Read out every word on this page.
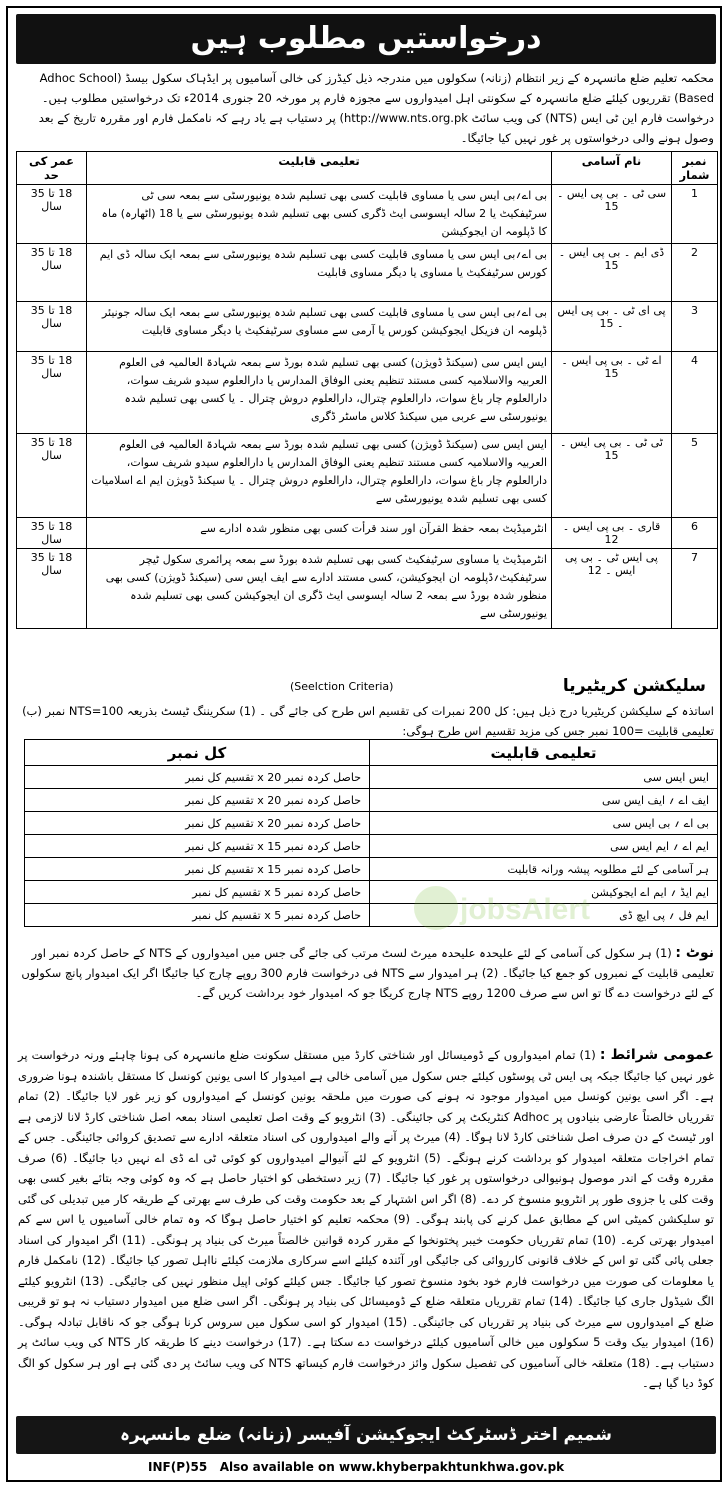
درخواستیں مطلوب ہیں
محکمہ تعلیم ضلع مانسہرہ کے زیر انتظام (زنانہ) سکولوں میں مندرجہ ذیل کیڈرز کی خالی آسامیوں پر ایڈہاک سکول بیسڈ (Adhoc School Based) تقرریوں کیلئے ضلع مانسہرہ کے سکونتی اہل امیدواروں سے مجوزہ فارم پر مورخہ 20 جنوری 2014ء تک درخواستیں مطلوب ہیں۔ درخواست فارم این ٹی ایس (NTS) کی ویب سائٹ (http://www.nts.org.pk پر دستیاب ہے یاد رہے کہ نامکمل فارم اور مقررہ تاریخ کے بعد وصول ہونے والی درخواستوں پر غور نہیں کیا جائیگا۔
نمبر شمار	نام آسامی	تعلیمی قابلیت	عمر کی حد
1	سی ٹی ۔ بی پی ایس ۔ 15	بی اے؍بی ایس سی یا مساوی قابلیت کسی بھی تسلیم شدہ یونیورسٹی سے بمعہ سی ٹی سرٹیفکیٹ یا 2 سالہ ایسوسی ایٹ ڈگری کسی بھی تسلیم شدہ یونیورسٹی سے یا 18 (اٹھارہ) ماہ کا ڈپلومہ ان ایجوکیشن	18 تا 35 سال
2	ڈی ایم ۔ بی پی ایس ۔ 15	بی اے؍بی ایس سی یا مساوی قابلیت کسی بھی تسلیم شدہ یونیورسٹی سے بمعہ ایک سالہ ڈی ایم کورس سرٹیفکیٹ یا مساوی یا دیگر مساوی قابلیت	18 تا 35 سال
3	پی ای ٹی ۔ بی پی ایس ۔ 15	بی اے؍بی ایس سی یا مساوی قابلیت کسی بھی تسلیم شدہ یونیورسٹی سے بمعہ ایک سالہ جونیئر ڈپلومہ ان فزیکل ایجوکیشن کورس یا آرمی سے مساوی سرٹیفکیٹ یا دیگر مساوی قابلیت	18 تا 35 سال
4	اے ٹی ۔ بی پی ایس ۔ 15	ایس ایس سی (سیکنڈ ڈویژن) کسی بھی تسلیم شدہ بورڈ سے بمعہ شہادۃ العالمیہ فی العلوم العربیہ والاسلامیہ کسی مستند تنظیم یعنی الوفاق المدارس یا دارالعلوم سیدو شریف سوات، دارالعلوم چار باغ سوات، دارالعلوم چترال، دارالعلوم دروش چترال ۔ یا کسی بھی تسلیم شدہ یونیورسٹی سے عربی میں سیکنڈ کلاس ماسٹر ڈگری	18 تا 35 سال
5	ٹی ٹی ۔ بی پی ایس ۔ 15	ایس ایس سی (سیکنڈ ڈویژن) کسی بھی تسلیم شدہ بورڈ سے بمعہ شہادۃ العالمیہ فی العلوم العربیہ والاسلامیہ کسی مستند تنظیم یعنی الوفاق المدارس یا دارالعلوم سیدو شریف سوات، دارالعلوم چار باغ سوات، دارالعلوم چترال، دارالعلوم دروش چترال ۔ یا سیکنڈ ڈویژن ایم اے اسلامیات کسی بھی تسلیم شدہ یونیورسٹی سے	18 تا 35 سال
6	قاری ۔ بی پی ایس ۔ 12	انٹرمیڈیٹ بمعہ حفظ القرآن اور سند قرأت کسی بھی منظور شدہ ادارے سے	18 تا 35 سال
7	پی ایس ٹی ۔ بی پی ایس ۔ 12	انٹرمیڈیٹ یا مساوی سرٹیفکیٹ کسی بھی تسلیم شدہ بورڈ سے بمعہ پرائمری سکول ٹیچر سرٹیفکیٹ؍ڈپلومہ ان ایجوکیشن، کسی مستند ادارے سے ایف ایس سی (سیکنڈ ڈویژن) کسی بھی منظور شدہ بورڈ سے بمعہ 2 سالہ ایسوسی ایٹ ڈگری ان ایجوکیشن کسی بھی تسلیم شدہ یونیورسٹی سے	18 تا 35 سال
سلیکشن کریٹیریا
(Seelction Criteria)
اساتذہ کے سلیکشن کریٹیریا درج ذیل ہیں: کل 200 نمبرات کی تقسیم اس طرح کی جائے گی ۔ (1) سکریننگ ٹیسٹ بذریعہ NTS=100 نمبر (ب) تعلیمی قابلیت =100 نمبر جس کی مزید تقسیم اس طرح ہوگی:
تعلیمی قابلیت	کل نمبر
ایس ایس سی	حاصل کردہ نمبر x 20 تقسیم کل نمبر
ایف اے ؍ ایف ایس سی	حاصل کردہ نمبر x 20 تقسیم کل نمبر
بی اے ؍ بی ایس سی	حاصل کردہ نمبر x 20 تقسیم کل نمبر
ایم اے ؍ ایم ایس سی	حاصل کردہ نمبر x 15 تقسیم کل نمبر
ہر آسامی کے لئے مطلوبہ پیشہ ورانہ قابلیت	حاصل کردہ نمبر x 15 تقسیم کل نمبر
ایم ایڈ ؍ ایم اے ایجوکیشن	حاصل کردہ نمبر x 5 تقسیم کل نمبر
ایم فل ؍ پی ایچ ڈی	حاصل کردہ نمبر x 5 تقسیم کل نمبر	jobsAlert
نوٹ : (1) ہر سکول کی آسامی کے لئے علیحدہ علیحدہ میرٹ لسٹ مرتب کی جائے گی جس میں امیدواروں کے NTS کے حاصل کردہ نمبر اور تعلیمی قابلیت کے نمبروں کو جمع کیا جائیگا۔ (2) ہر امیدوار سے NTS فی درخواست فارم 300 روپے چارج کیا جائیگا اگر ایک امیدوار پانچ سکولوں کے لئے درخواست دے گا تو اس سے صرف 1200 روپے NTS چارج کریگا جو کہ امیدوار خود برداشت کریں گے۔
عمومی شرائط : (1) تمام امیدواروں کے ڈومیسائل اور شناختی کارڈ میں مستقل سکونت ضلع مانسہرہ کی ہونا چاہئے ورنہ درخواست پر غور نہیں کیا جائیگا جبکہ پی ایس ٹی پوسٹوں کیلئے جس سکول میں آسامی خالی ہے امیدوار کا اسی یونین کونسل کا مستقل باشندہ ہونا ضروری ہے۔ اگر اسی یونین کونسل میں امیدوار موجود نہ ہونے کی صورت میں ملحقہ یونین کونسل کے امیدواروں کو زیر غور لایا جائیگا۔ (2) تمام تقرریاں خالصتاً عارضی بنیادوں پر Adhoc کنٹریکٹ پر کی جائینگی۔ (3) انٹرویو کے وقت اصل تعلیمی اسناد بمعہ اصل شناختی کارڈ لانا لازمی ہے اور ٹیسٹ کے دن صرف اصل شناختی کارڈ لانا ہوگا۔ (4) میرٹ پر آنے والے امیدواروں کی اسناد متعلقہ ادارے سے تصدیق کروائی جائینگی۔ جس کے تمام اخراجات متعلقہ امیدوار کو برداشت کرنے ہونگے۔ (5) انٹرویو کے لئے آنیوالے امیدواروں کو کوئی ٹی اے ڈی اے نہیں دیا جائیگا۔ (6) صرف مقررہ وقت کے اندر موصول ہونیوالی درخواستوں پر غور کیا جائیگا۔ (7) زیر دستخطی کو اختیار حاصل ہے کہ وہ کوئی وجہ بتائے بغیر کسی بھی وقت کلی یا جزوی طور پر انٹرویو منسوخ کر دے۔ (8) اگر اس اشتہار کے بعد حکومت وقت کی طرف سے بھرتی کے طریقہ کار میں تبدیلی کی گئی تو سلیکشن کمیٹی اس کے مطابق عمل کرنے کی پابند ہوگی۔ (9) محکمہ تعلیم کو اختیار حاصل ہوگا کہ وہ تمام خالی آسامیوں یا اس سے کم امیدوار بھرتی کرے۔ (10) تمام تقرریاں حکومت خیبر پختونخوا کے مقرر کردہ قوانین خالصتاً میرٹ کی بنیاد پر ہونگی۔ (11) اگر امیدوار کی اسناد جعلی پائی گئی تو اس کے خلاف قانونی کارروائی کی جائیگی اور آئندہ کیلئے اسے سرکاری ملازمت کیلئے نااہل تصور کیا جائیگا۔ (12) نامکمل فارم یا معلومات کی صورت میں درخواست فارم خود بخود منسوخ تصور کیا جائیگا۔ جس کیلئے کوئی اپیل منظور نہیں کی جائیگی۔ (13) انٹرویو کیلئے الگ شیڈول جاری کیا جائیگا۔ (14) تمام تقرریاں متعلقہ ضلع کے ڈومیسائل کی بنیاد پر ہونگی۔ اگر اسی ضلع میں امیدوار دستیاب نہ ہو تو قریبی ضلع کے امیدواروں سے میرٹ کی بنیاد پر تقرریاں کی جائینگی۔ (15) امیدوار کو اسی سکول میں سروس کرنا ہوگی جو کہ ناقابل تبادلہ ہوگی۔ (16) امیدوار بیک وقت 5 سکولوں میں خالی آسامیوں کیلئے درخواست دے سکتا ہے۔ (17) درخواست دینے کا طریقہ کار NTS کی ویب سائٹ پر دستیاب ہے۔ (18) متعلقہ خالی آسامیوں کی تفصیل سکول وائز درخواست فارم کیساتھ NTS کی ویب سائٹ پر دی گئی ہے اور ہر سکول کو الگ کوڈ دیا گیا ہے۔
شمیم اختر ڈسٹرکٹ ایجوکیشن آفیسر (زنانہ) ضلع مانسہرہ
INF(P)55 Also available on www.khyberpakhtunkhwa.gov.pk
